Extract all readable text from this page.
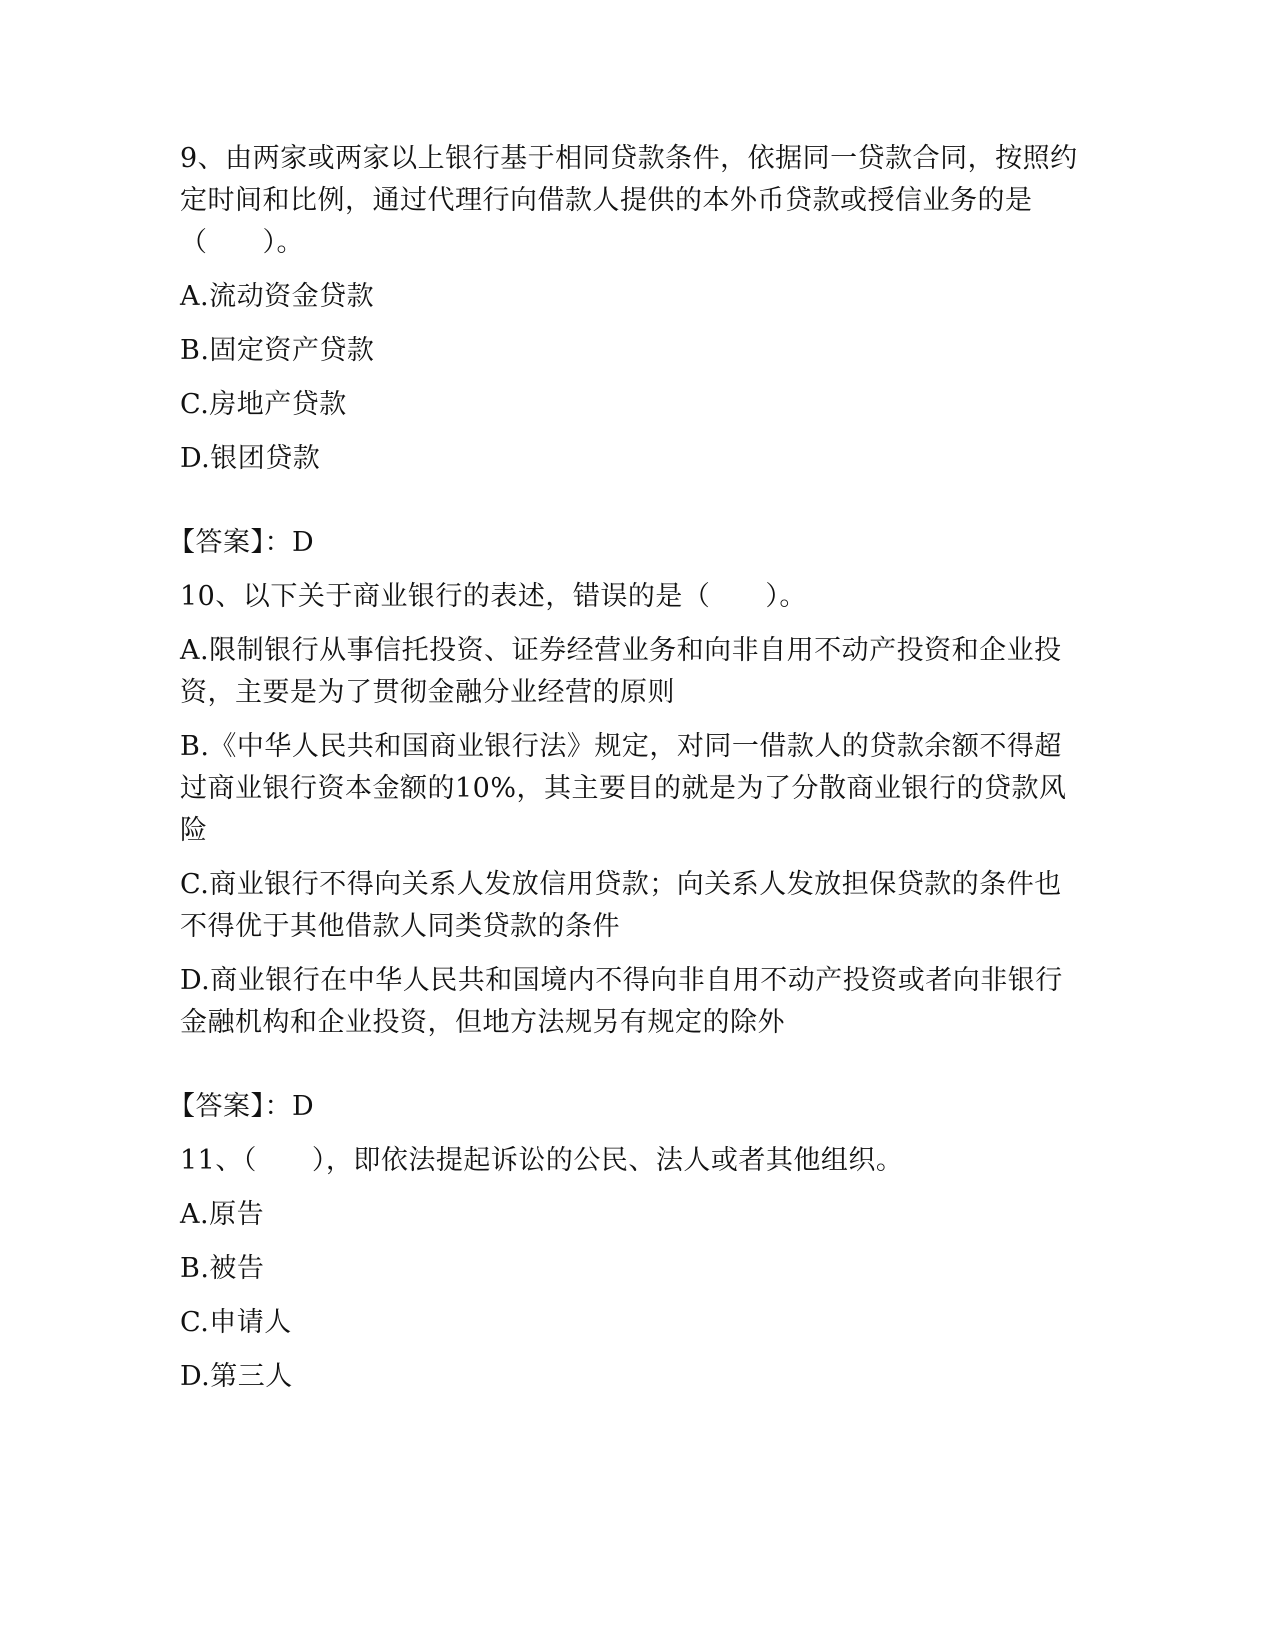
9、由两家或两家以上银行基于相同贷款条件，依据同一贷款合同，按照约定时间和比例，通过代理行向借款人提供的本外币贷款或授信业务的是（　　）。

A.流动资金贷款

B.固定资产贷款

C.房地产贷款

D.银团贷款

【答案】：D

10、以下关于商业银行的表述，错误的是（　　）。

A.限制银行从事信托投资、证券经营业务和向非自用不动产投资和企业投资，主要是为了贯彻金融分业经营的原则

B.《中华人民共和国商业银行法》规定，对同一借款人的贷款余额不得超过商业银行资本金额的10%，其主要目的就是为了分散商业银行的贷款风险

C.商业银行不得向关系人发放信用贷款；向关系人发放担保贷款的条件也不得优于其他借款人同类贷款的条件

D.商业银行在中华人民共和国境内不得向非自用不动产投资或者向非银行金融机构和企业投资，但地方法规另有规定的除外

【答案】：D

11、（　　），即依法提起诉讼的公民、法人或者其他组织。

A.原告

B.被告

C.申请人

D.第三人
